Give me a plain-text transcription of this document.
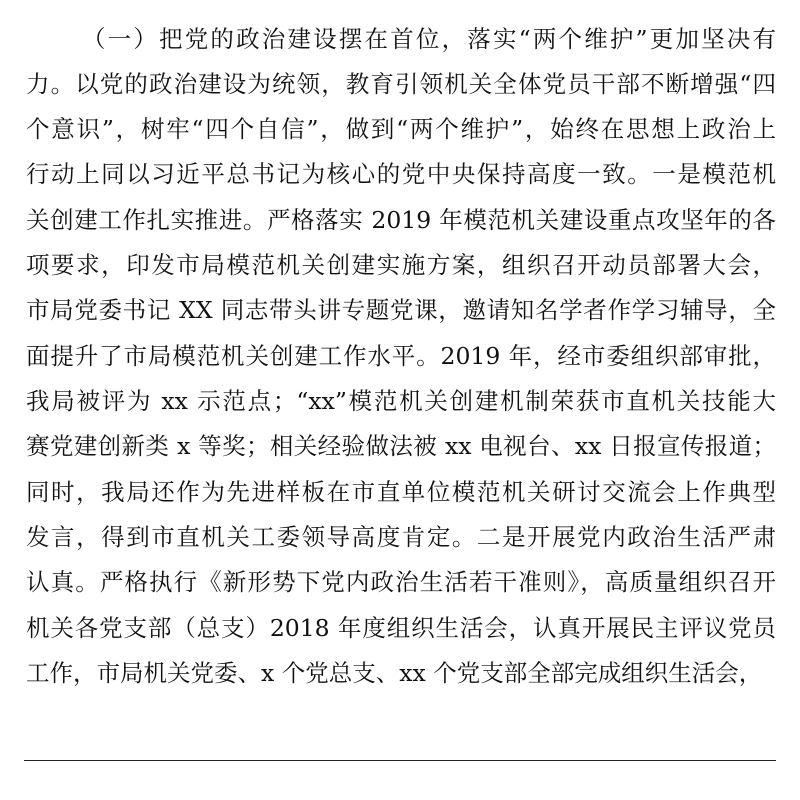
（一）把党的政治建设摆在首位，落实“两个维护”更加坚决有
力。以党的政治建设为统领，教育引领机关全体党员干部不断增强“四
个意识”，树牢“四个自信”，做到“两个维护”，始终在思想上政治上
行动上同以习近平总书记为核心的党中央保持高度一致。一是模范机
关创建工作扎实推进。严格落实 2019 年模范机关建设重点攻坚年的各
项要求，印发市局模范机关创建实施方案，组织召开动员部署大会，
市局党委书记 XX 同志带头讲专题党课，邀请知名学者作学习辅导，全
面提升了市局模范机关创建工作水平。2019 年，经市委组织部审批，
我局被评为 xx 示范点；“xx”模范机关创建机制荣获市直机关技能大
赛党建创新类 x 等奖；相关经验做法被 xx 电视台、xx 日报宣传报道；
同时，我局还作为先进样板在市直单位模范机关研讨交流会上作典型
发言，得到市直机关工委领导高度肯定。二是开展党内政治生活严肃
认真。严格执行《新形势下党内政治生活若干准则》，高质量组织召开
机关各党支部（总支）2018 年度组织生活会，认真开展民主评议党员
工作，市局机关党委、x 个党总支、xx 个党支部全部完成组织生活会，
